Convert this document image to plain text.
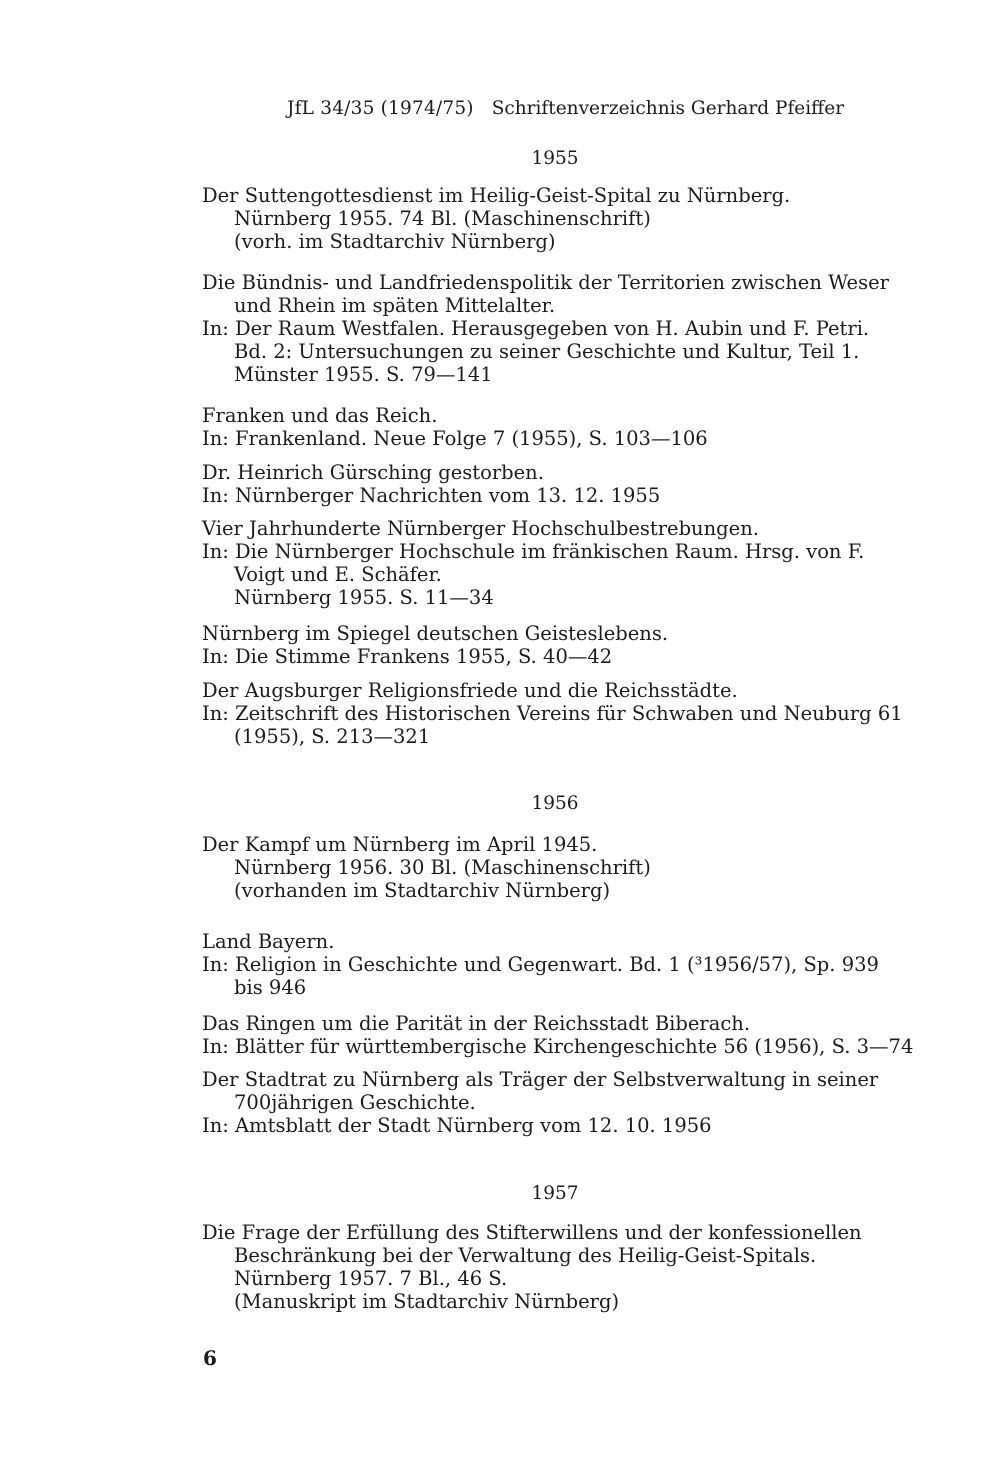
JfL 34/35 (1974/75) Schriftenverzeichnis Gerhard Pfeiffer
1955
Der Suttengottesdienst im Heilig-Geist-Spital zu Nürnberg.
Nürnberg 1955. 74 Bl. (Maschinenschrift)
(vorh. im Stadtarchiv Nürnberg)
Die Bündnis- und Landfriedenspolitik der Territorien zwischen Weser
und Rhein im späten Mittelalter.
In: Der Raum Westfalen. Herausgegeben von H. Aubin und F. Petri.
Bd. 2: Untersuchungen zu seiner Geschichte und Kultur, Teil 1.
Münster 1955. S. 79—141
Franken und das Reich.
In: Frankenland. Neue Folge 7 (1955), S. 103—106
Dr. Heinrich Gürsching gestorben.
In: Nürnberger Nachrichten vom 13. 12. 1955
Vier Jahrhunderte Nürnberger Hochschulbestrebungen.
In: Die Nürnberger Hochschule im fränkischen Raum. Hrsg. von F.
Voigt und E. Schäfer.
Nürnberg 1955. S. 11—34
Nürnberg im Spiegel deutschen Geisteslebens.
In: Die Stimme Frankens 1955, S. 40—42
Der Augsburger Religionsfriede und die Reichsstädte.
In: Zeitschrift des Historischen Vereins für Schwaben und Neuburg 61
(1955), S. 213—321
1956
Der Kampf um Nürnberg im April 1945.
Nürnberg 1956. 30 Bl. (Maschinenschrift)
(vorhanden im Stadtarchiv Nürnberg)
Land Bayern.
In: Religion in Geschichte und Gegenwart. Bd. 1 (³1956/57), Sp. 939
bis 946
Das Ringen um die Parität in der Reichsstadt Biberach.
In: Blätter für württembergische Kirchengeschichte 56 (1956), S. 3—74
Der Stadtrat zu Nürnberg als Träger der Selbstverwaltung in seiner
700jährigen Geschichte.
In: Amtsblatt der Stadt Nürnberg vom 12. 10. 1956
1957
Die Frage der Erfüllung des Stifterwillens und der konfessionellen
Beschränkung bei der Verwaltung des Heilig-Geist-Spitals.
Nürnberg 1957. 7 Bl., 46 S.
(Manuskript im Stadtarchiv Nürnberg)
6
